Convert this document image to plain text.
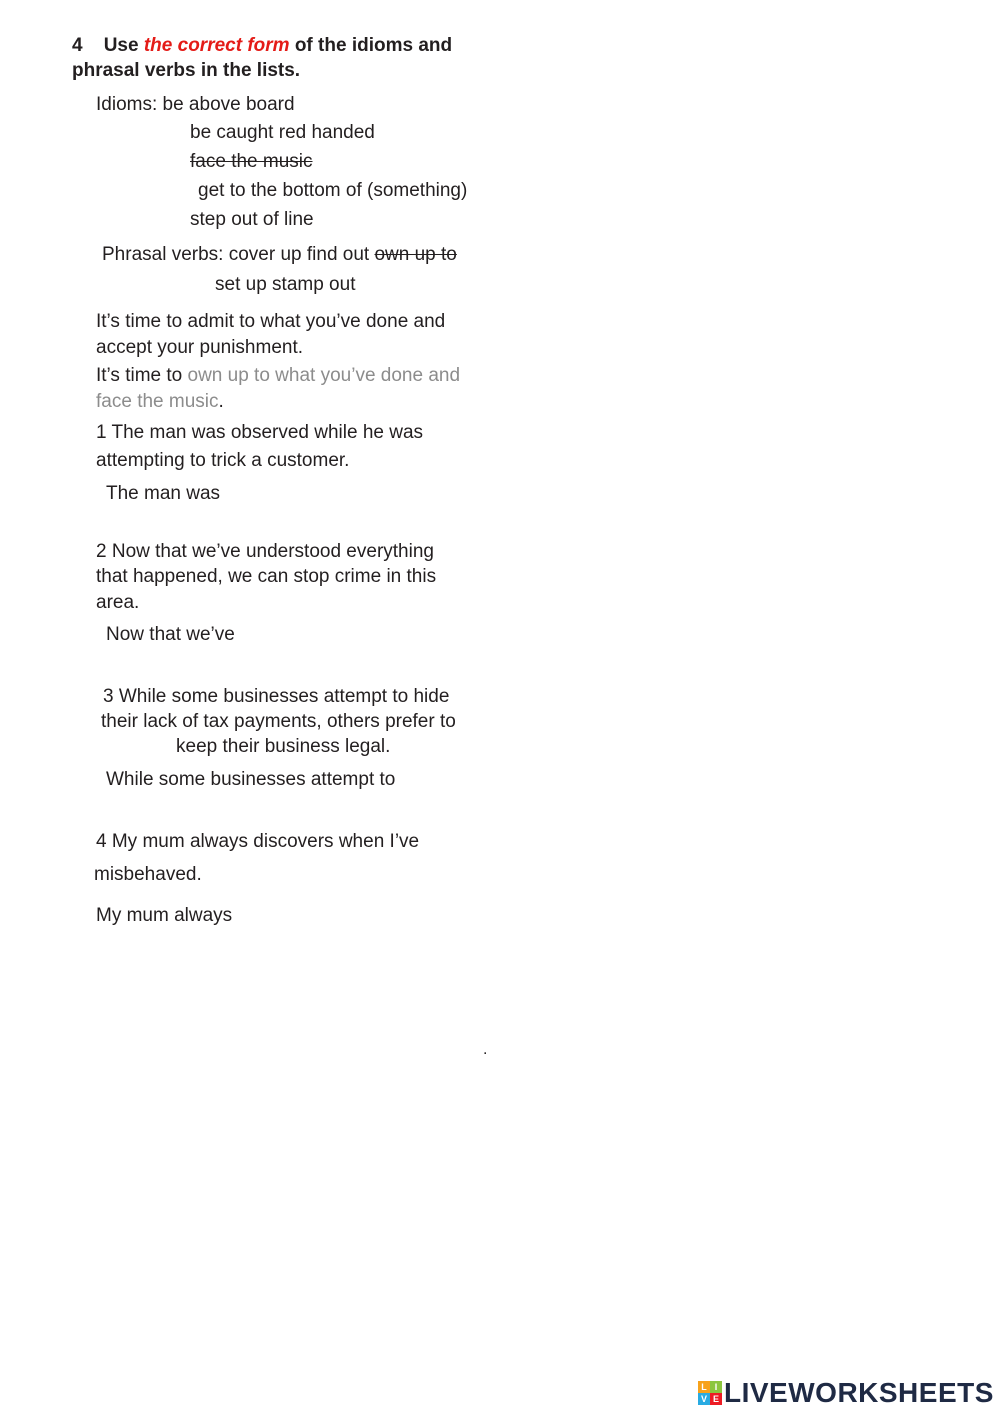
4 Use the correct form of the idioms and
phrasal verbs in the lists.
Idioms: be above board
be caught red handed
face the music
get to the bottom of (something)
step out of line
Phrasal verbs: cover up find out own up to
set up stamp out
It’s time to admit to what you’ve done and
accept your punishment.
It’s time to own up to what you’ve done and
face the music.
1 The man was observed while he was
attempting to trick a customer.
The man was
2 Now that we’ve understood everything
that happened, we can stop crime in this
area.
Now that we’ve
3 While some businesses attempt to hide
their lack of tax payments, others prefer to
keep their business legal.
While some businesses attempt to
4 My mum always discovers when I’ve
misbehaved.
My mum always
.
L I
V E LIVEWORKSHEETS
